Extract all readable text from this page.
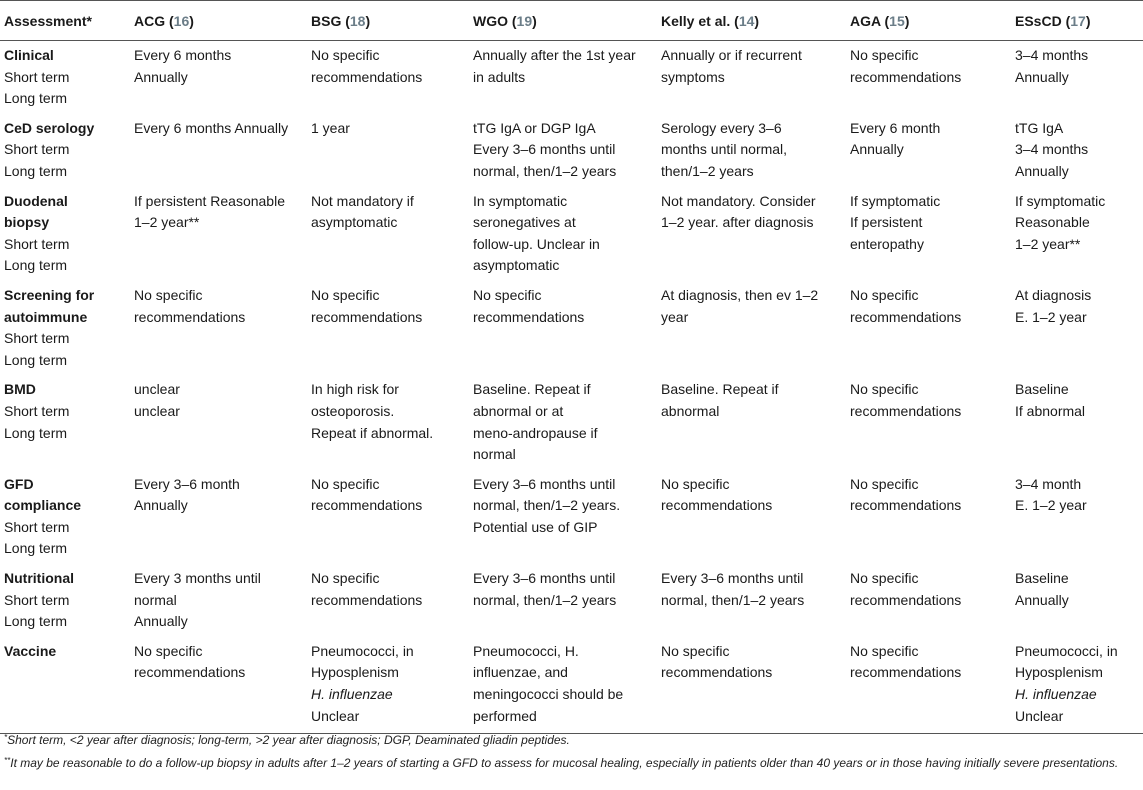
Assessment*	ACG (16)	BSG (18)	WGO (19)	Kelly et al. (14)	AGA (15)	ESsCD (17)

Clinical
Short term
Long term	Every 6 months
Annually	No specific
recommendations	Annually after the 1st year
in adults	Annually or if recurrent
symptoms	No specific
recommendations	3–4 months
Annually

CeD serology
Short term
Long term	Every 6 months Annually	1 year	tTG IgA or DGP IgA
Every 3–6 months until
normal, then/1–2 years	Serology every 3–6
months until normal,
then/1–2 years	Every 6 month
Annually	tTG IgA
3–4 months
Annually

Duodenal
biopsy
Short term
Long term	If persistent Reasonable
1–2 year**	Not mandatory if
asymptomatic	In symptomatic
seronegatives at
follow-up. Unclear in
asymptomatic	Not mandatory. Consider
1–2 year. after diagnosis	If symptomatic
If persistent
enteropathy	If symptomatic
Reasonable
1–2 year**

Screening for
autoimmune
Short term
Long term	No specific
recommendations	No specific
recommendations	No specific
recommendations	At diagnosis, then ev 1–2
year	No specific
recommendations	At diagnosis
E. 1–2 year

BMD
Short term
Long term	unclear
unclear	In high risk for
osteoporosis.
Repeat if abnormal.	Baseline. Repeat if
abnormal or at
meno-andropause if
normal	Baseline. Repeat if
abnormal	No specific
recommendations	Baseline
If abnormal

GFD
compliance
Short term
Long term	Every 3–6 month
Annually	No specific
recommendations	Every 3–6 months until
normal, then/1–2 years.
Potential use of GIP	No specific
recommendations	No specific
recommendations	3–4 month
E. 1–2 year

Nutritional
Short term
Long term	Every 3 months until
normal
Annually	No specific
recommendations	Every 3–6 months until
normal, then/1–2 years	Every 3–6 months until
normal, then/1–2 years	No specific
recommendations	Baseline
Annually

Vaccine	No specific
recommendations	Pneumococci, in
Hyposplenism
H. influenzae
Unclear	Pneumococci, H.
influenzae, and
meningococci should be
performed	No specific
recommendations	No specific
recommendations	Pneumococci, in
Hyposplenism
H. influenzae
Unclear

*Short term, <2 year after diagnosis; long-term, >2 year after diagnosis; DGP, Deaminated gliadin peptides.

**It may be reasonable to do a follow-up biopsy in adults after 1–2 years of starting a GFD to assess for mucosal healing, especially in patients older than 40 years or in those having initially severe presentations.
